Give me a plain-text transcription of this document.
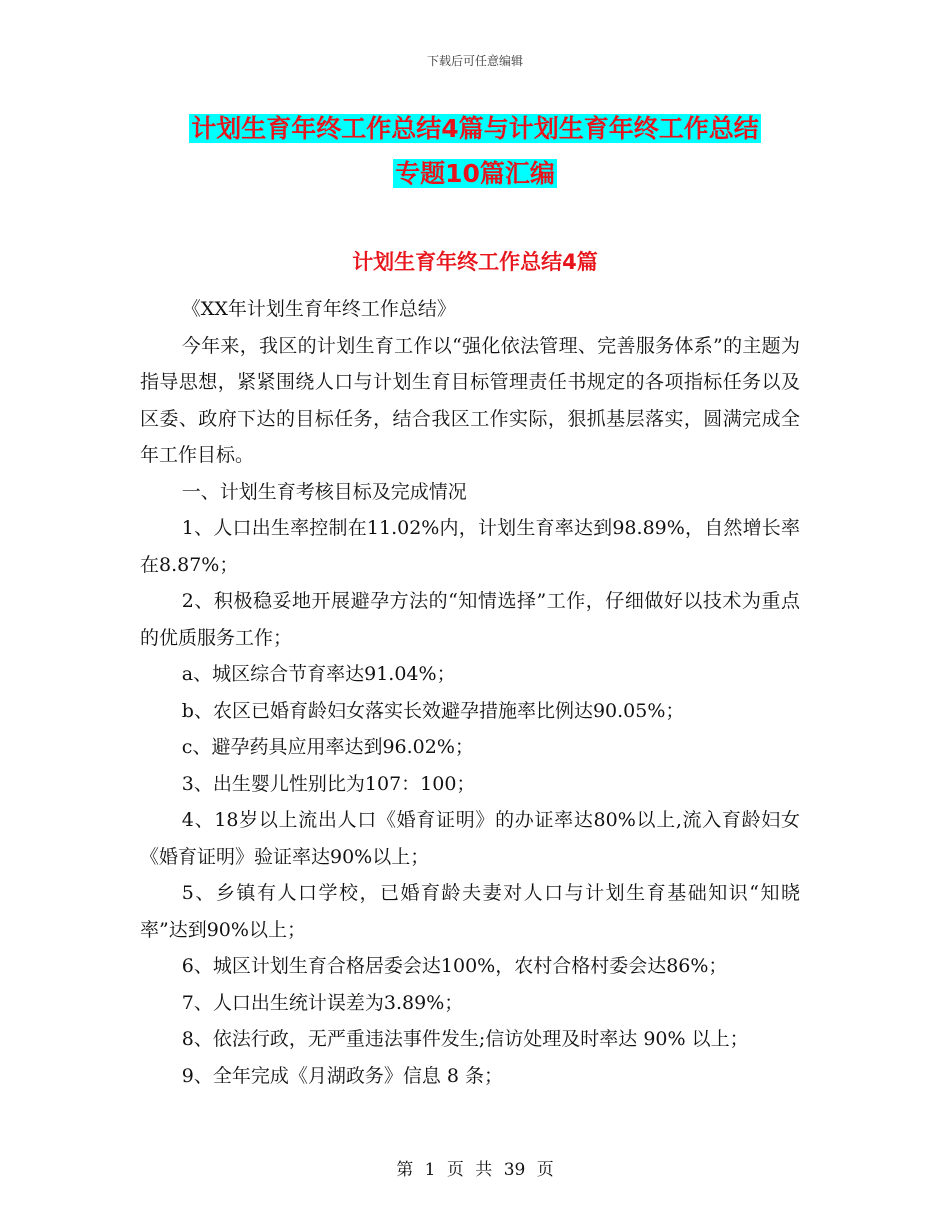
下载后可任意编辑
计划生育年终工作总结4篇与计划生育年终工作总结
专题10篇汇编
计划生育年终工作总结4篇

《XX年计划生育年终工作总结》

今年来，我区的计划生育工作以“强化依法管理、完善服务体系”的主题为指导思想，紧紧围绕人口与计划生育目标管理责任书规定的各项指标任务以及区委、政府下达的目标任务，结合我区工作实际，狠抓基层落实，圆满完成全年工作目标。

一、计划生育考核目标及完成情况

1、人口出生率控制在11.02%内，计划生育率达到98.89%，自然增长率在8.87%；

2、积极稳妥地开展避孕方法的“知情选择”工作，仔细做好以技术为重点的优质服务工作；

a、城区综合节育率达91.04%；

b、农区已婚育龄妇女落实长效避孕措施率比例达90.05%；

c、避孕药具应用率达到96.02%；

3、出生婴儿性别比为107：100；

4、18岁以上流出人口《婚育证明》的办证率达80%以上,流入育龄妇女《婚育证明》验证率达90%以上；

5、乡镇有人口学校，已婚育龄夫妻对人口与计划生育基础知识“知晓率”达到90%以上；

6、城区计划生育合格居委会达100%，农村合格村委会达86%；

7、人口出生统计误差为3.89%；

8、依法行政，无严重违法事件发生;信访处理及时率达 90% 以上；

9、全年完成《月湖政务》信息 8 条；

第 1 页 共 39 页
